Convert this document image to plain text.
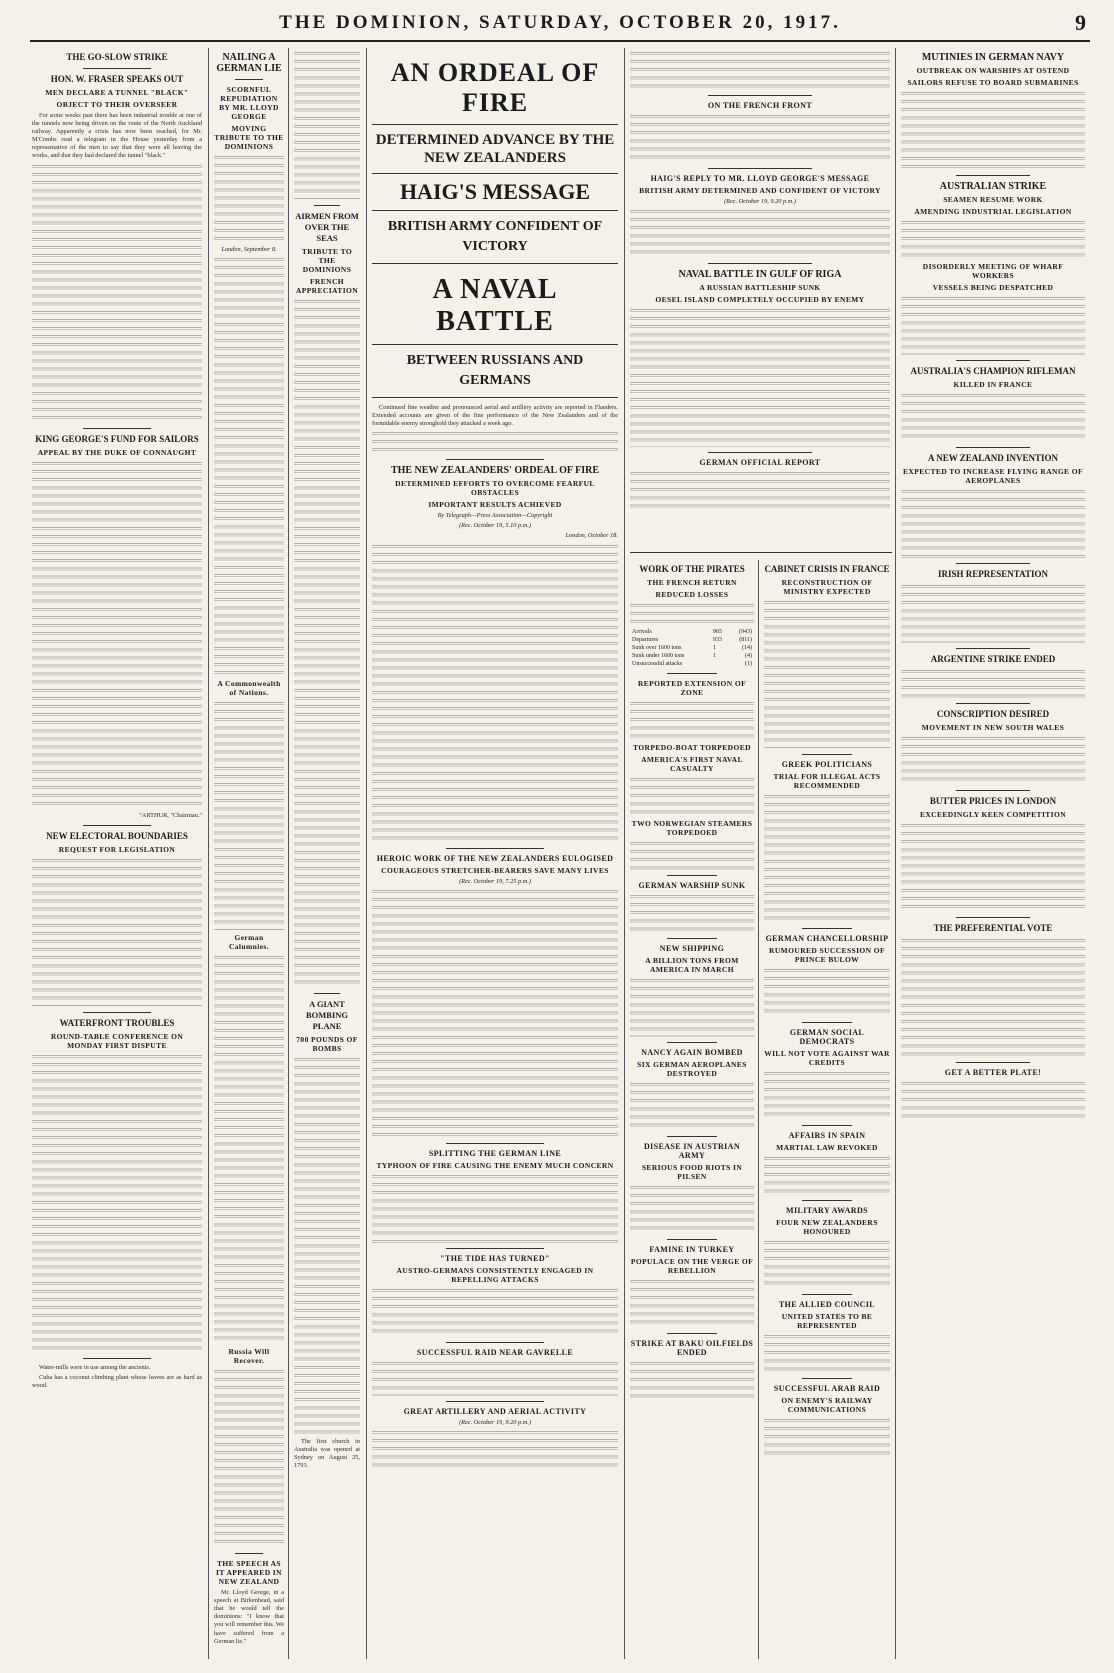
THE DOMINION, SATURDAY, OCTOBER 20, 1917.	9
THE GO-SLOW STRIKE
HON. W. FRASER SPEAKS OUT
MEN DECLARE A TUNNEL "BLACK"
OBJECT TO THEIR OVERSEER
For some weeks past there has been industrial trouble at one of the tunnels now being driven on the route of the North Auckland railway. Apparently a crisis has now been reached, for Mr. M'Combs read a telegram in the House yesterday from a representative of the men to say that they were all leaving the works, and that they had declared the tunnel "black."
KING GEORGE'S FUND FOR SAILORS
APPEAL BY THE DUKE OF CONNAUGHT
"ARTHUR, "Chairman."
NEW ELECTORAL BOUNDARIES
REQUEST FOR LEGISLATION
WATERFRONT TROUBLES
ROUND-TABLE CONFERENCE ON MONDAY FIRST DISPUTE
Water-mills were in use among the ancients.
Cuba has a coconut climbing plant whose leaves are as hard as wood.
NAILING A GERMAN LIE
SCORNFUL REPUDIATION BY MR. LLOYD GEORGE
MOVING TRIBUTE TO THE DOMINIONS
London, September 8.
A Commonwealth of Nations.
German Calumnies.
Russia Will Recover.
THE SPEECH AS IT APPEARED IN NEW ZEALAND
Mr. Lloyd George, in a speech at Birkenhead, said that he would tell the dominions: "I know that you will remember this. We have suffered from a German lie."
AN ORDEAL OF FIRE
DETERMINED ADVANCE BY THE NEW ZEALANDERS
HAIG'S MESSAGE
BRITISH ARMY CONFIDENT OF VICTORY
A NAVAL BATTLE
BETWEEN RUSSIANS AND GERMANS
Continued fine weather and pronounced aerial and artillery activity are reported in Flanders. Extended accounts are given of the fine performance of the New Zealanders and of the formidable enemy stronghold they attacked a week ago.
THE NEW ZEALANDERS' ORDEAL OF FIRE
DETERMINED EFFORTS TO OVERCOME FEARFUL OBSTACLES
IMPORTANT RESULTS ACHIEVED
By Telegraph—Press Association—Copyright
(Rec. October 19, 5.10 p.m.)
London, October 18.
HEROIC WORK OF THE NEW ZEALANDERS EULOGISED
COURAGEOUS STRETCHER-BEARERS SAVE MANY LIVES
(Rec. October 19, 7.25 p.m.)
SPLITTING THE GERMAN LINE
TYPHOON OF FIRE CAUSING THE ENEMY MUCH CONCERN
"THE TIDE HAS TURNED"
AUSTRO-GERMANS CONSISTENTLY ENGAGED IN REPELLING ATTACKS
SUCCESSFUL RAID NEAR GAVRELLE
GREAT ARTILLERY AND AERIAL ACTIVITY
(Rec. October 19, 9.20 p.m.)
ON THE FRENCH FRONT
HAIG'S REPLY TO MR. LLOYD GEORGE'S MESSAGE
BRITISH ARMY DETERMINED AND CONFIDENT OF VICTORY
(Rec. October 19, 9.20 p.m.)
NAVAL BATTLE IN GULF OF RIGA
A RUSSIAN BATTLESHIP SUNK
OESEL ISLAND COMPLETELY OCCUPIED BY ENEMY
GERMAN OFFICIAL REPORT
WORK OF THE PIRATES
THE FRENCH RETURN
REDUCED LOSSES
Arrivals	965	(943)
Departures	933	(811)
Sunk over 1600 tons	1	(14)
Sunk under 1600 tons	1	(4)
Unsuccessful attacks		(1)
REPORTED EXTENSION OF ZONE
TORPEDO-BOAT TORPEDOED
AMERICA'S FIRST NAVAL CASUALTY
TWO NORWEGIAN STEAMERS TORPEDOED
GERMAN WARSHIP SUNK
NEW SHIPPING
A BILLION TONS FROM AMERICA IN MARCH
NANCY AGAIN BOMBED
SIX GERMAN AEROPLANES DESTROYED
DISEASE IN AUSTRIAN ARMY
SERIOUS FOOD RIOTS IN PILSEN
FAMINE IN TURKEY
POPULACE ON THE VERGE OF REBELLION
STRIKE AT BAKU OILFIELDS ENDED
CABINET CRISIS IN FRANCE
RECONSTRUCTION OF MINISTRY EXPECTED
GREEK POLITICIANS
TRIAL FOR ILLEGAL ACTS RECOMMENDED
GERMAN CHANCELLORSHIP
RUMOURED SUCCESSION OF PRINCE BULOW
GERMAN SOCIAL DEMOCRATS
WILL NOT VOTE AGAINST WAR CREDITS
AFFAIRS IN SPAIN
MARTIAL LAW REVOKED
MILITARY AWARDS
FOUR NEW ZEALANDERS HONOURED
THE ALLIED COUNCIL
UNITED STATES TO BE REPRESENTED
SUCCESSFUL ARAB RAID
ON ENEMY'S RAILWAY COMMUNICATIONS
MUTINIES IN GERMAN NAVY
OUTBREAK ON WARSHIPS AT OSTEND
SAILORS REFUSE TO BOARD SUBMARINES
AUSTRALIAN STRIKE
SEAMEN RESUME WORK
AMENDING INDUSTRIAL LEGISLATION
DISORDERLY MEETING OF WHARF WORKERS
VESSELS BEING DESPATCHED
AUSTRALIA'S CHAMPION RIFLEMAN
KILLED IN FRANCE
A NEW ZEALAND INVENTION
EXPECTED TO INCREASE FLYING RANGE OF AEROPLANES
IRISH REPRESENTATION
ARGENTINE STRIKE ENDED
CONSCRIPTION DESIRED
MOVEMENT IN NEW SOUTH WALES
BUTTER PRICES IN LONDON
EXCEEDINGLY KEEN COMPETITION
THE PREFERENTIAL VOTE
GET A BETTER PLATE!
AIRMEN FROM OVER THE SEAS
TRIBUTE TO THE DOMINIONS
FRENCH APPRECIATION
A GIANT BOMBING PLANE
700 POUNDS OF BOMBS
The first church in Australia was opened at Sydney on August 25, 1793.
